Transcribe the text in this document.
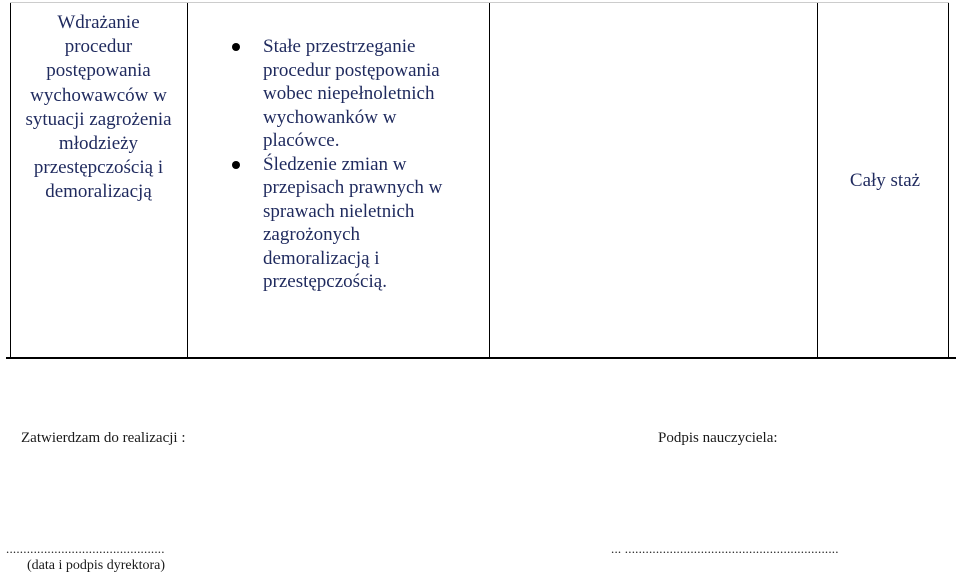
Wdrażanie
procedur
postępowania
wychowawców w
sytuacji zagrożenia
młodzieży
przestępczością i
demoralizacją
Stałe przestrzeganie
procedur postępowania
wobec niepełnoletnich
wychowanków w
placówce.
Śledzenie zmian w
przepisach prawnych w
sprawach nieletnich
zagrożonych
demoralizacją i
przestępczością.
Cały staż
Zatwierdzam do realizacji :	Podpis nauczyciela:
..............................................	... ..............................................................
(data i podpis dyrektora)
